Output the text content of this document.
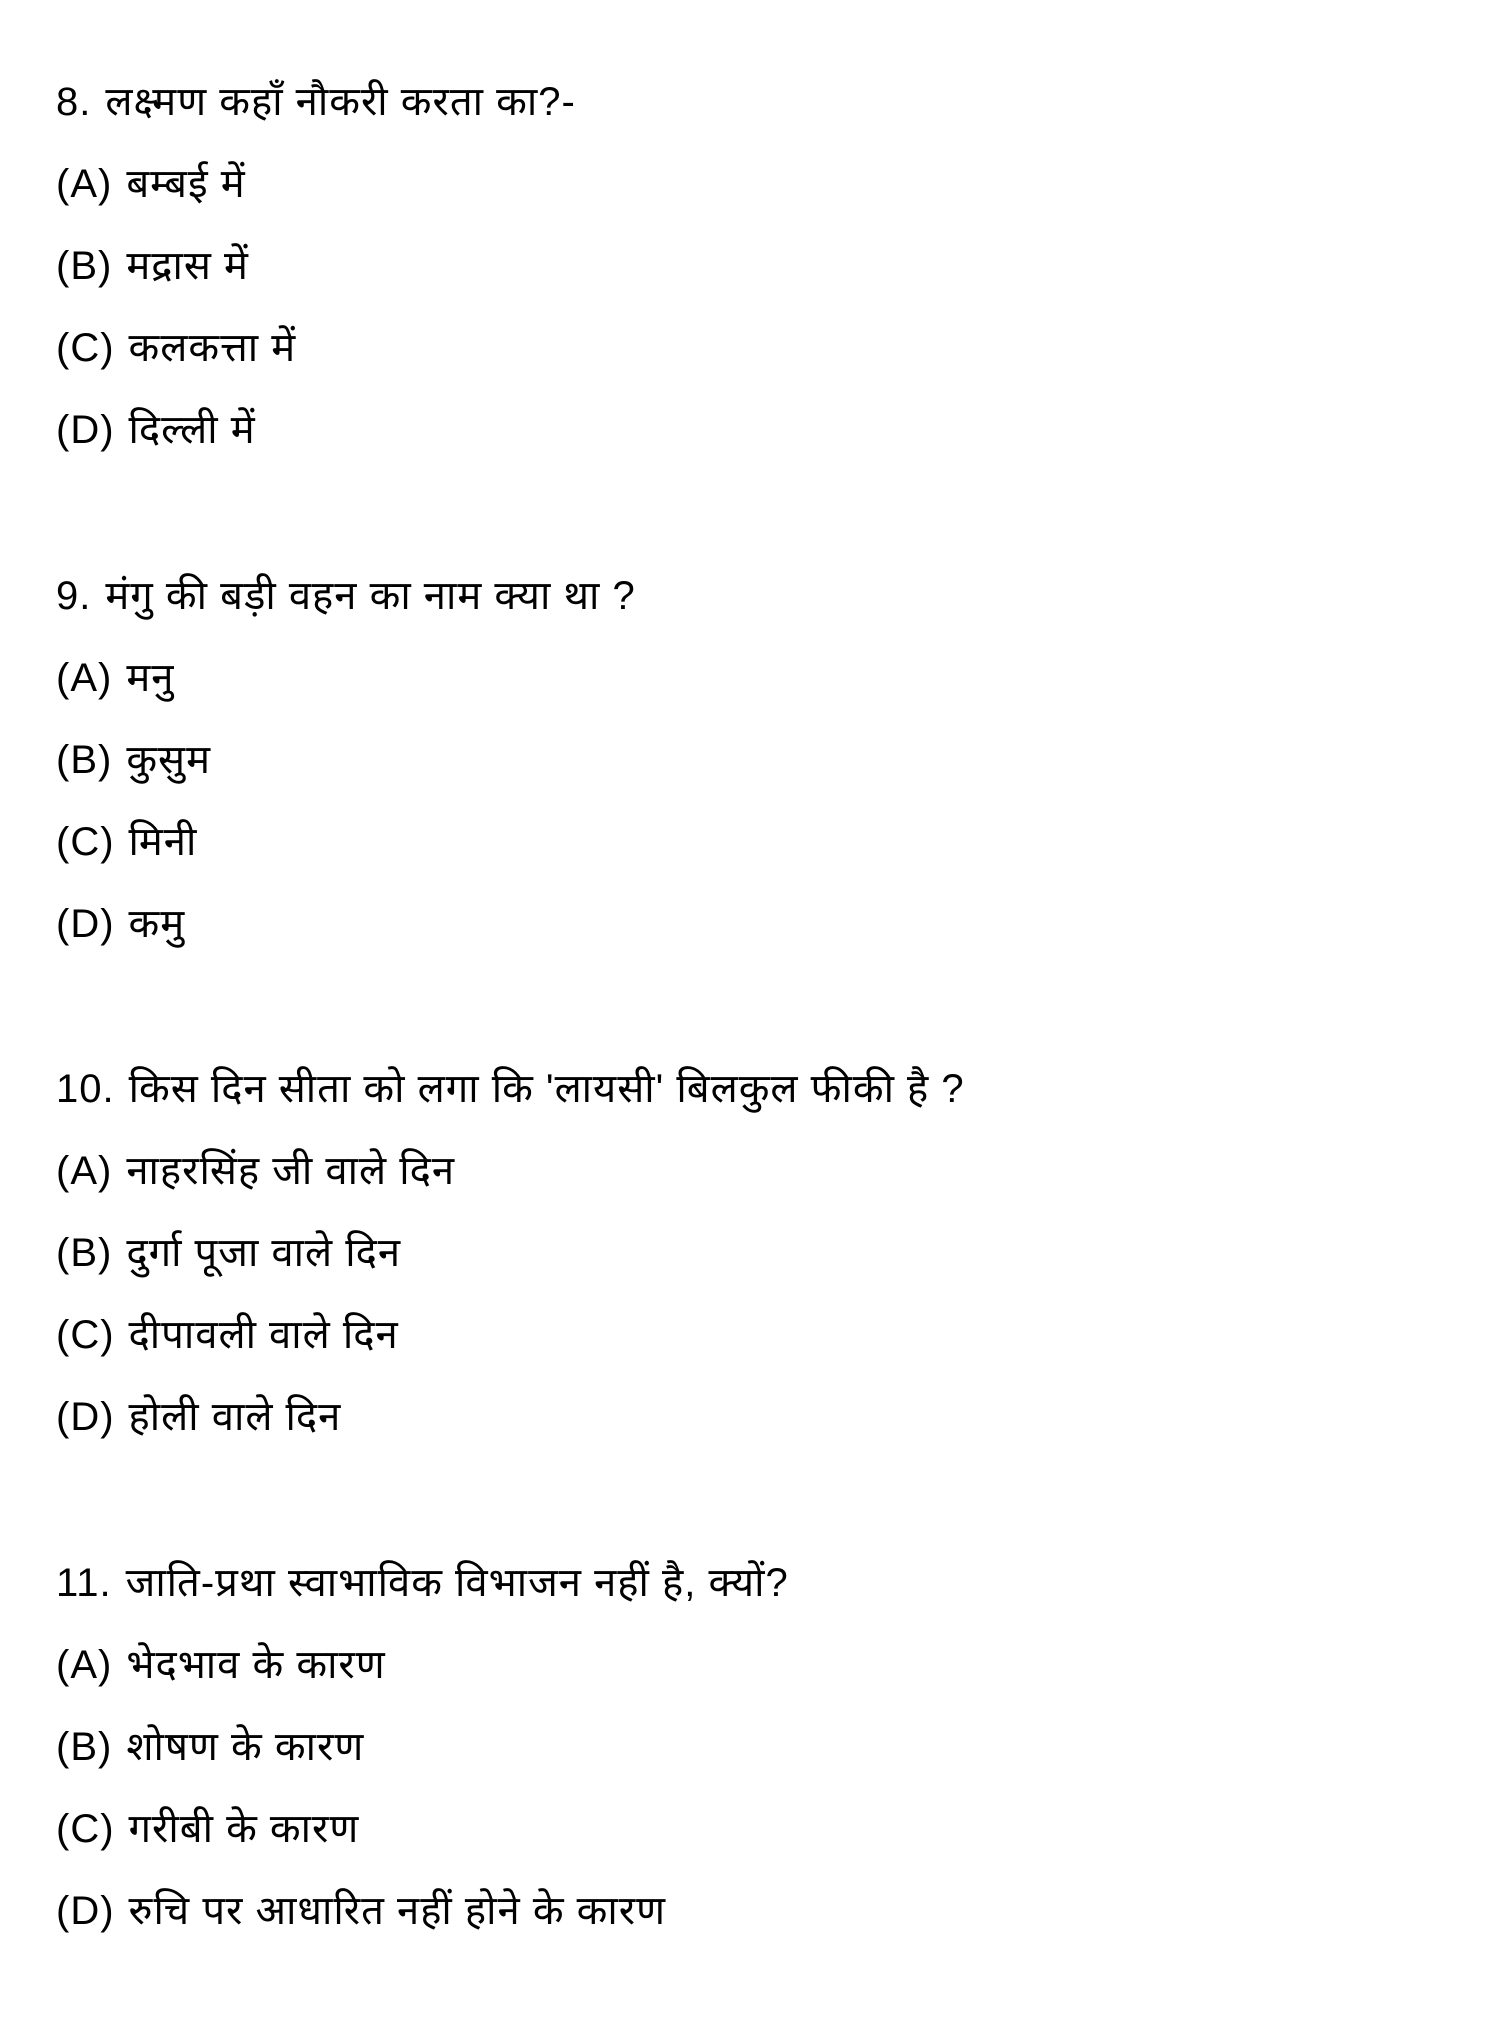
8. लक्ष्मण कहाँ नौकरी करता का?-
(A) बम्बई में
(B) मद्रास में
(C) कलकत्ता में
(D) दिल्ली में
9. मंगु की बड़ी वहन का नाम क्या था ?
(A) मनु
(B) कुसुम
(C) मिनी
(D) कमु
10. किस दिन सीता को लगा कि 'लायसी' बिलकुल फीकी है ?
(A) नाहरसिंह जी वाले दिन
(B) दुर्गा पूजा वाले दिन
(C) दीपावली वाले दिन
(D) होली वाले दिन
11. जाति-प्रथा स्वाभाविक विभाजन नहीं है, क्यों?
(A) भेदभाव के कारण
(B) शोषण के कारण
(C) गरीबी के कारण
(D) रुचि पर आधारित नहीं होने के कारण
